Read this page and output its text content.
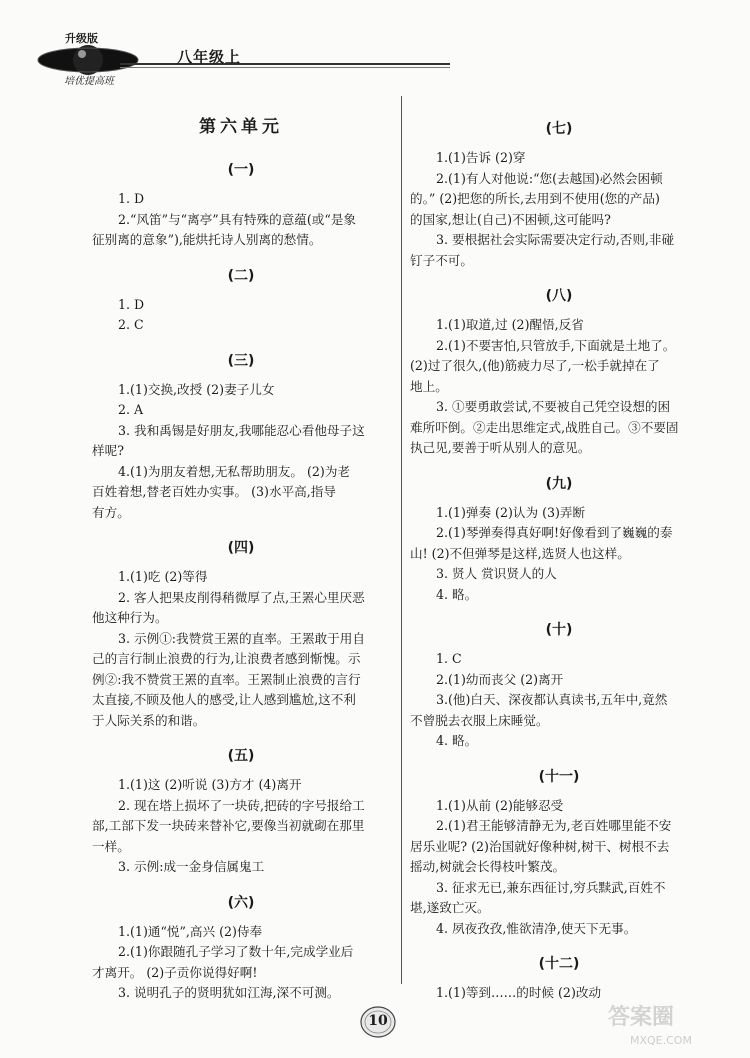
升级版
培优提高班
八年级上
第六单元
(一)

1. D

2.“风笛”与“离亭”具有特殊的意蕴(或“是象

征别离的意象”),能烘托诗人别离的愁情。

(二)

1. D

2. C

(三)

1.(1)交换,改授 (2)妻子儿女

2. A

3. 我和禹锡是好朋友,我哪能忍心看他母子这

样呢?

4.(1)为朋友着想,无私帮助朋友。 (2)为老

百姓着想,替老百姓办实事。 (3)水平高,指导

有方。

(四)

1.(1)吃 (2)等得

2. 客人把果皮削得稍微厚了点,王罴心里厌恶

他这种行为。

3. 示例①:我赞赏王罴的直率。王罴敢于用自

己的言行制止浪费的行为,让浪费者感到惭愧。示

例②:我不赞赏王罴的直率。王罴制止浪费的言行

太直接,不顾及他人的感受,让人感到尴尬,这不利

于人际关系的和谐。

(五)

1.(1)这 (2)听说 (3)方才 (4)离开

2. 现在塔上损坏了一块砖,把砖的字号报给工

部,工部下发一块砖来替补它,要像当初就砌在那里

一样。

3. 示例:成一金身信属鬼工

(六)

1.(1)通“悦”,高兴 (2)侍奉

2.(1)你跟随孔子学习了数十年,完成学业后

才离开。 (2)子贡你说得好啊!

3. 说明孔子的贤明犹如江海,深不可测。

(七)

1.(1)告诉 (2)穿

2.(1)有人对他说:“您(去越国)必然会困顿

的。” (2)把您的所长,去用到不使用(您的产品)

的国家,想让(自己)不困顿,这可能吗?

3. 要根据社会实际需要决定行动,否则,非碰

钉子不可。

(八)

1.(1)取道,过 (2)醒悟,反省

2.(1)不要害怕,只管放手,下面就是土地了。

(2)过了很久,(他)筋疲力尽了,一松手就掉在了

地上。

3. ①要勇敢尝试,不要被自己凭空设想的困

难所吓倒。②走出思维定式,战胜自己。③不要固

执己见,要善于听从别人的意见。

(九)

1.(1)弹奏 (2)认为 (3)弄断

2.(1)琴弹奏得真好啊!好像看到了巍巍的泰

山! (2)不但弹琴是这样,选贤人也这样。

3. 贤人 赏识贤人的人

4. 略。

(十)

1. C

2.(1)幼而丧父 (2)离开

3.(他)白天、深夜都认真读书,五年中,竟然

不曾脱去衣服上床睡觉。

4. 略。

(十一)

1.(1)从前 (2)能够忍受

2.(1)君王能够清静无为,老百姓哪里能不安

居乐业呢? (2)治国就好像种树,树干、树根不去

摇动,树就会长得枝叶繁茂。

3. 征求无已,兼东西征讨,穷兵黩武,百姓不

堪,遂致亡灭。

4. 夙夜孜孜,惟欲清净,使天下无事。

(十二)

1.(1)等到……的时候 (2)改动

10	答案圈
MXQE.COM
